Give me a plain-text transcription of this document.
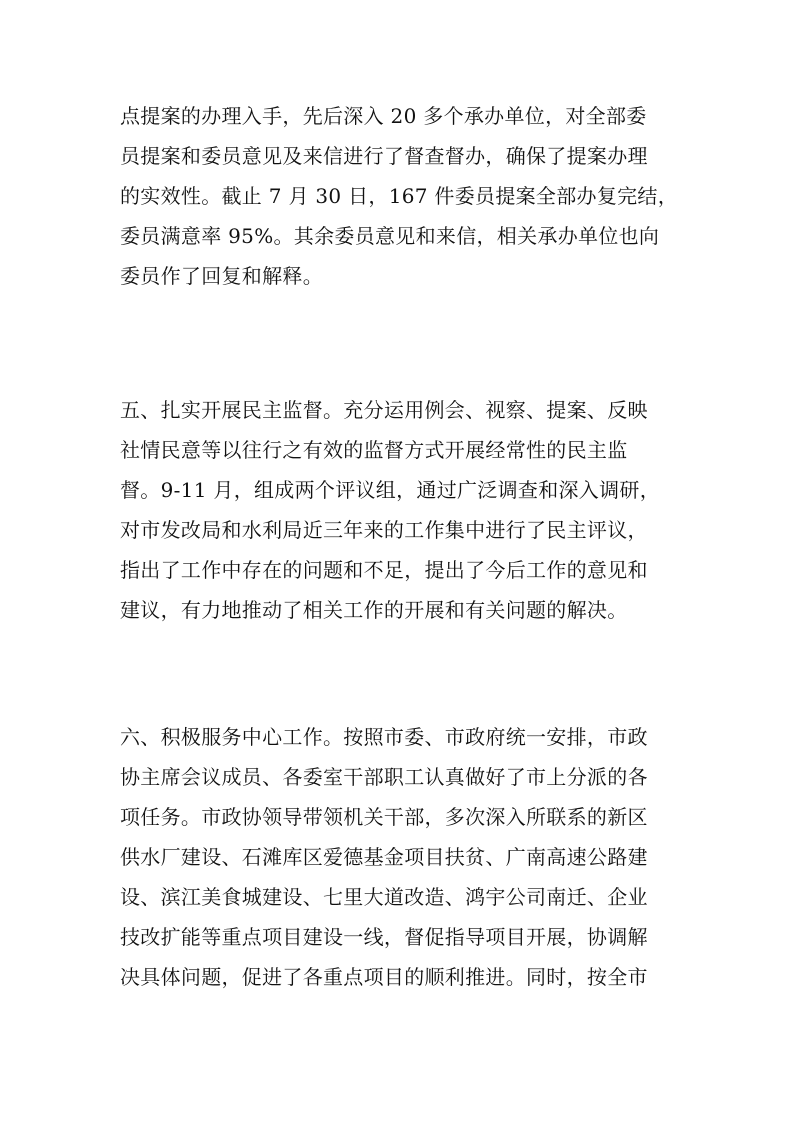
点提案的办理入手，先后深入 20 多个承办单位，对全部委
员提案和委员意见及来信进行了督查督办，确保了提案办理
的实效性。截止 7 月 30 日，167 件委员提案全部办复完结，
委员满意率 95%。其余委员意见和来信，相关承办单位也向
委员作了回复和解释。
五、扎实开展民主监督。充分运用例会、视察、提案、反映
社情民意等以往行之有效的监督方式开展经常性的民主监
督。9-11 月，组成两个评议组，通过广泛调查和深入调研，
对市发改局和水利局近三年来的工作集中进行了民主评议，
指出了工作中存在的问题和不足，提出了今后工作的意见和
建议，有力地推动了相关工作的开展和有关问题的解决。
六、积极服务中心工作。按照市委、市政府统一安排，市政
协主席会议成员、各委室干部职工认真做好了市上分派的各
项任务。市政协领导带领机关干部，多次深入所联系的新区
供水厂建设、石滩库区爱德基金项目扶贫、广南高速公路建
设、滨江美食城建设、七里大道改造、鸿宇公司南迁、企业
技改扩能等重点项目建设一线，督促指导项目开展，协调解
决具体问题，促进了各重点项目的顺利推进。同时，按全市
